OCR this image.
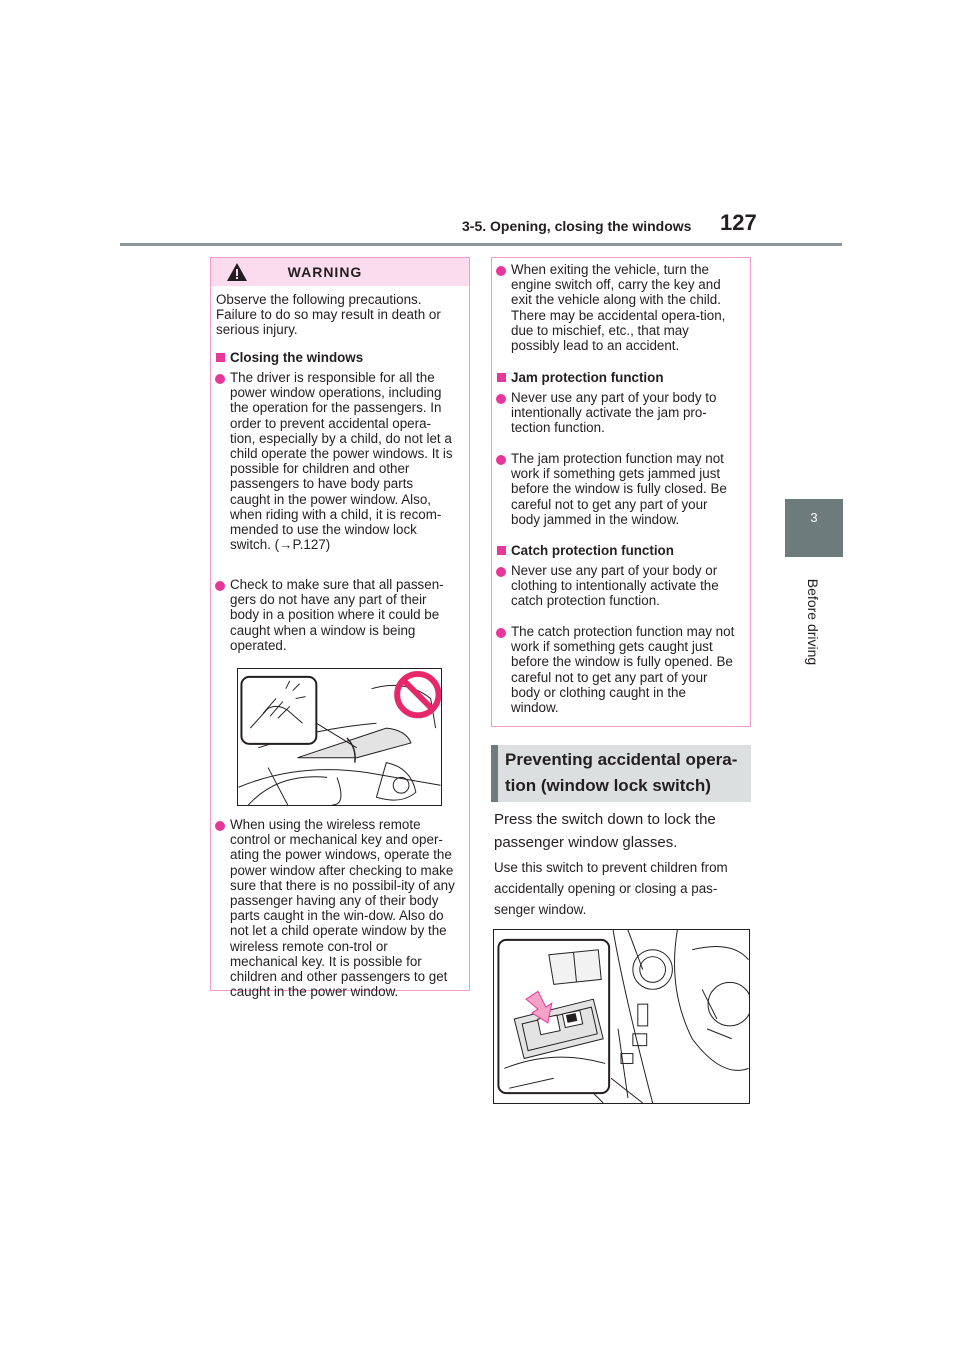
3-5. Opening, closing the windows 127
3
Before driving
WARNING
Observe the following precautions. Failure to do so may result in death or serious injury.
Closing the windows
The driver is responsible for all the power window operations, including the operation for the passengers. In order to prevent accidental opera-tion, especially by a child, do not let a child operate the power windows. It is possible for children and other passengers to have body parts caught in the power window. Also, when riding with a child, it is recom-mended to use the window lock switch. (→P.127)
Check to make sure that all passen-gers do not have any part of their body in a position where it could be caught when a window is being operated.
When using the wireless remote control or mechanical key and oper-ating the power windows, operate the power window after checking to make sure that there is no possibil-ity of any passenger having any of their body parts caught in the win-dow. Also do not let a child operate window by the wireless remote con-trol or mechanical key. It is possible for children and other passengers to get caught in the power window.
When exiting the vehicle, turn the engine switch off, carry the key and exit the vehicle along with the child. There may be accidental opera-tion, due to mischief, etc., that may possibly lead to an accident.
Jam protection function
Never use any part of your body to intentionally activate the jam pro-tection function.
The jam protection function may not work if something gets jammed just before the window is fully closed. Be careful not to get any part of your body jammed in the window.
Catch protection function
Never use any part of your body or clothing to intentionally activate the catch protection function.
The catch protection function may not work if something gets caught just before the window is fully opened. Be careful not to get any part of your body or clothing caught in the window.
Preventing accidental opera-
tion (window lock switch)
Press the switch down to lock the passenger window glasses.
Use this switch to prevent children from accidentally opening or closing a pas-senger window.
